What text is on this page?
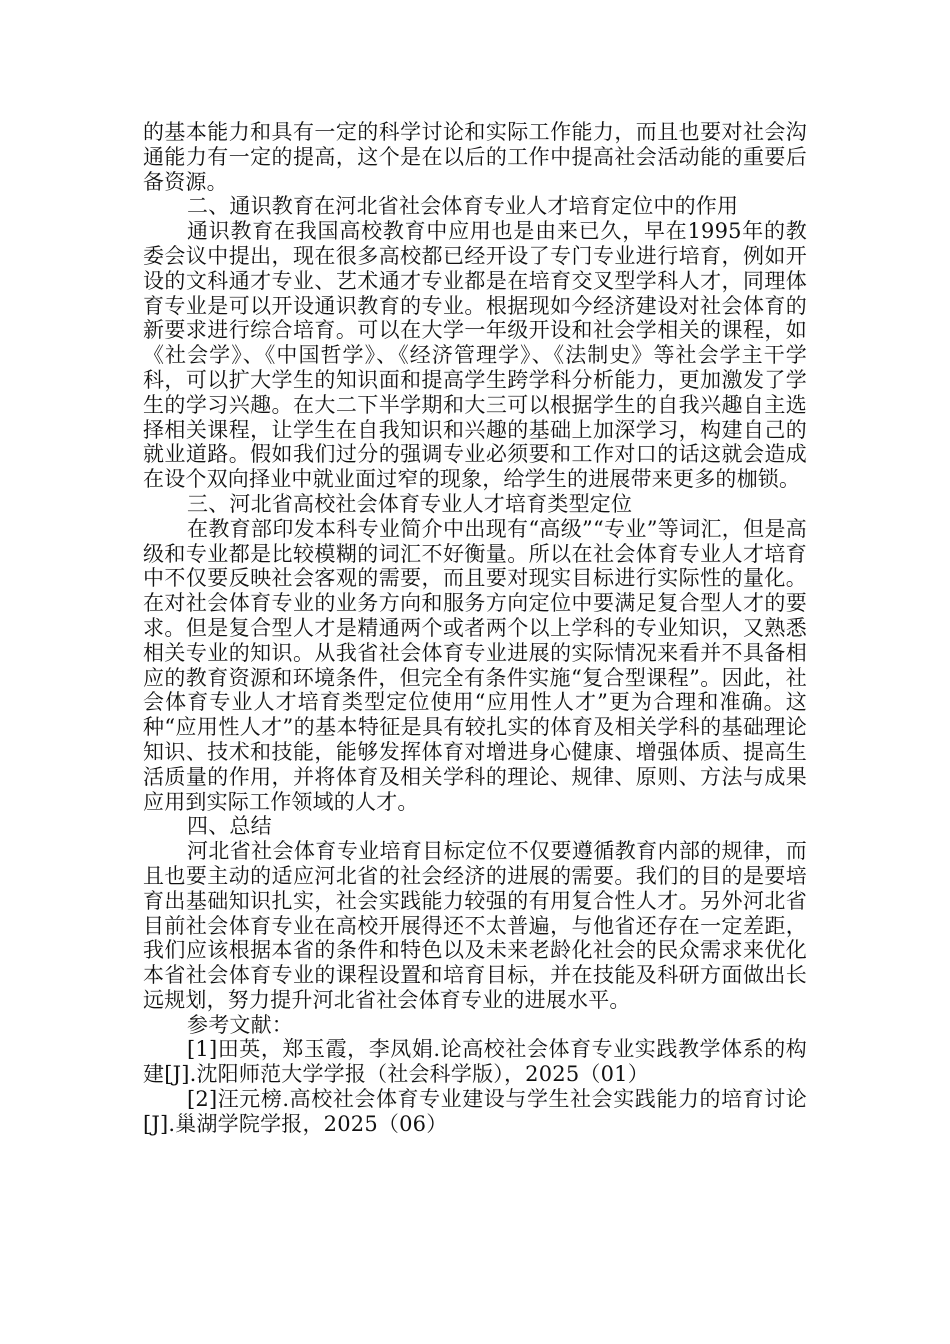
的基本能力和具有一定的科学讨论和实际工作能力，而且也要对社会沟通能力有一定的提高，这个是在以后的工作中提高社会活动能的重要后备资源。

二、通识教育在河北省社会体育专业人才培育定位中的作用

通识教育在我国高校教育中应用也是由来已久，早在1995年的教委会议中提出，现在很多高校都已经开设了专门专业进行培育，例如开设的文科通才专业、艺术通才专业都是在培育交叉型学科人才，同理体育专业是可以开设通识教育的专业。根据现如今经济建设对社会体育的新要求进行综合培育。可以在大学一年级开设和社会学相关的课程，如《社会学》、《中国哲学》、《经济管理学》、《法制史》等社会学主干学科，可以扩大学生的知识面和提高学生跨学科分析能力，更加激发了学生的学习兴趣。在大二下半学期和大三可以根据学生的自我兴趣自主选择相关课程，让学生在自我知识和兴趣的基础上加深学习，构建自己的就业道路。假如我们过分的强调专业必须要和工作对口的话这就会造成在设个双向择业中就业面过窄的现象，给学生的进展带来更多的枷锁。

三、河北省高校社会体育专业人才培育类型定位

在教育部印发本科专业简介中出现有“高级”“专业”等词汇，但是高级和专业都是比较模糊的词汇不好衡量。所以在社会体育专业人才培育中不仅要反映社会客观的需要，而且要对现实目标进行实际性的量化。在对社会体育专业的业务方向和服务方向定位中要满足复合型人才的要求。但是复合型人才是精通两个或者两个以上学科的专业知识，又熟悉相关专业的知识。从我省社会体育专业进展的实际情况来看并不具备相应的教育资源和环境条件，但完全有条件实施“复合型课程”。因此，社会体育专业人才培育类型定位使用“应用性人才”更为合理和准确。这种“应用性人才”的基本特征是具有较扎实的体育及相关学科的基础理论知识、技术和技能，能够发挥体育对增进身心健康、增强体质、提高生活质量的作用，并将体育及相关学科的理论、规律、原则、方法与成果应用到实际工作领域的人才。

四、总结

河北省社会体育专业培育目标定位不仅要遵循教育内部的规律，而且也要主动的适应河北省的社会经济的进展的需要。我们的目的是要培育出基础知识扎实，社会实践能力较强的有用复合性人才。另外河北省目前社会体育专业在高校开展得还不太普遍，与他省还存在一定差距，我们应该根据本省的条件和特色以及未来老龄化社会的民众需求来优化本省社会体育专业的课程设置和培育目标，并在技能及科研方面做出长远规划，努力提升河北省社会体育专业的进展水平。

参考文献：

[1]田英，郑玉霞，李凤娟.论高校社会体育专业实践教学体系的构建[J].沈阳师范大学学报（社会科学版），2025（01）

[2]汪元榜.高校社会体育专业建设与学生社会实践能力的培育讨论[J].巢湖学院学报，2025（06）
